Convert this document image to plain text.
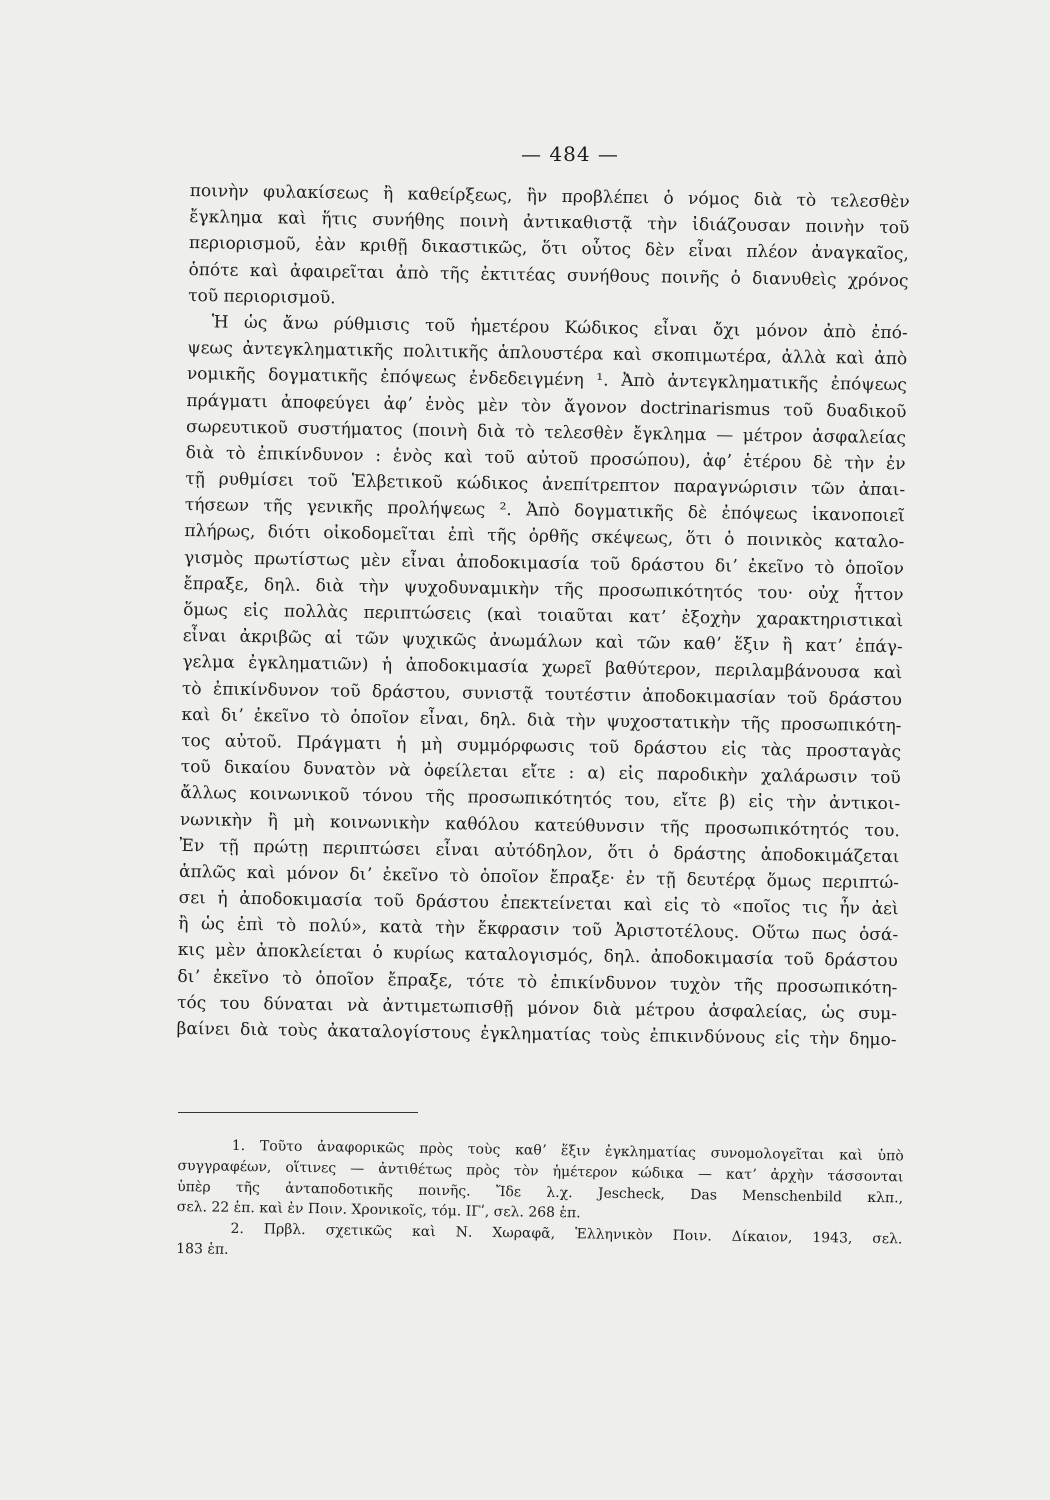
— 484 —
ποινὴν φυλακίσεως ἢ καθείρξεως, ἣν προβλέπει ὁ νόμος διὰ τὸ τελεσθὲν
ἔγκλημα καὶ ἥτις συνήθης ποινὴ ἀντικαθιστᾷ τὴν ἰδιάζουσαν ποινὴν τοῦ
περιορισμοῦ, ἐὰν κριθῇ δικαστικῶς, ὅτι οὗτος δὲν εἶναι πλέον ἀναγκαῖος,
ὁπότε καὶ ἀφαιρεῖται ἀπὸ τῆς ἐκτιτέας συνήθους ποινῆς ὁ διανυθεὶς χρόνος
τοῦ περιορισμοῦ.
Ἡ ὡς ἄνω ρύθμισις τοῦ ἡμετέρου Κώδικος εἶναι ὄχι μόνον ἀπὸ ἐπό-
ψεως ἀντεγκληματικῆς πολιτικῆς ἁπλουστέρα καὶ σκοπιμωτέρα, ἀλλὰ καὶ ἀπὸ
νομικῆς δογματικῆς ἐπόψεως ἐνδεδειγμένη ¹. Ἀπὸ ἀντεγκληματικῆς ἐπόψεως
πράγματι ἀποφεύγει ἀφʼ ἑνὸς μὲν τὸν ἄγονον doctrinarismus τοῦ δυαδικοῦ
σωρευτικοῦ συστήματος (ποινὴ διὰ τὸ τελεσθὲν ἔγκλημα — μέτρον ἀσφαλείας
διὰ τὸ ἐπικίνδυνον : ἑνὸς καὶ τοῦ αὐτοῦ προσώπου), ἀφʼ ἑτέρου δὲ τὴν ἐν
τῇ ρυθμίσει τοῦ Ἑλβετικοῦ κώδικος ἀνεπίτρεπτον παραγνώρισιν τῶν ἀπαι-
τήσεων τῆς γενικῆς προλήψεως ². Ἀπὸ δογματικῆς δὲ ἐπόψεως ἱκανοποιεῖ
πλήρως, διότι οἰκοδομεῖται ἐπὶ τῆς ὀρθῆς σκέψεως, ὅτι ὁ ποινικὸς καταλο-
γισμὸς πρωτίστως μὲν εἶναι ἀποδοκιμασία τοῦ δράστου διʼ ἐκεῖνο τὸ ὁποῖον
ἔπραξε, δηλ. διὰ τὴν ψυχοδυναμικὴν τῆς προσωπικότητός του· οὐχ ἧττον
ὅμως εἰς πολλὰς περιπτώσεις (καὶ τοιαῦται κατʼ ἐξοχὴν χαρακτηριστικαὶ
εἶναι ἀκριβῶς αἱ τῶν ψυχικῶς ἀνωμάλων καὶ τῶν καθʼ ἕξιν ἢ κατʼ ἐπάγ-
γελμα ἐγκληματιῶν) ἡ ἀποδοκιμασία χωρεῖ βαθύτερον, περιλαμβάνουσα καὶ
τὸ ἐπικίνδυνον τοῦ δράστου, συνιστᾷ τουτέστιν ἀποδοκιμασίαν τοῦ δράστου
καὶ διʼ ἐκεῖνο τὸ ὁποῖον εἶναι, δηλ. διὰ τὴν ψυχοστατικὴν τῆς προσωπικότη-
τος αὐτοῦ. Πράγματι ἡ μὴ συμμόρφωσις τοῦ δράστου εἰς τὰς προσταγὰς
τοῦ δικαίου δυνατὸν νὰ ὀφείλεται εἴτε : α) εἰς παροδικὴν χαλάρωσιν τοῦ
ἄλλως κοινωνικοῦ τόνου τῆς προσωπικότητός του, εἴτε β) εἰς τὴν ἀντικοι-
νωνικὴν ἢ μὴ κοινωνικὴν καθόλου κατεύθυνσιν τῆς προσωπικότητός του.
Ἐν τῇ πρώτῃ περιπτώσει εἶναι αὐτόδηλον, ὅτι ὁ δράστης ἀποδοκιμάζεται
ἁπλῶς καὶ μόνον διʼ ἐκεῖνο τὸ ὁποῖον ἔπραξε· ἐν τῇ δευτέρᾳ ὅμως περιπτώ-
σει ἡ ἀποδοκιμασία τοῦ δράστου ἐπεκτείνεται καὶ εἰς τὸ «ποῖος τις ἦν ἀεὶ
ἢ ὡς ἐπὶ τὸ πολύ», κατὰ τὴν ἔκφρασιν τοῦ Ἀριστοτέλους. Οὕτω πως ὁσά-
κις μὲν ἀποκλείεται ὁ κυρίως καταλογισμός, δηλ. ἀποδοκιμασία τοῦ δράστου
διʼ ἐκεῖνο τὸ ὁποῖον ἔπραξε, τότε τὸ ἐπικίνδυνον τυχὸν τῆς προσωπικότη-
τός του δύναται νὰ ἀντιμετωπισθῇ μόνον διὰ μέτρου ἀσφαλείας, ὡς συμ-
βαίνει διὰ τοὺς ἀκαταλογίστους ἐγκληματίας τοὺς ἐπικινδύνους εἰς τὴν δημο-
1. Τοῦτο ἀναφορικῶς πρὸς τοὺς καθʼ ἕξιν ἐγκληματίας συνομολογεῖται καὶ ὑπὸ
συγγραφέων, οἵτινες — ἀντιθέτως πρὸς τὸν ἡμέτερον κώδικα — κατʼ ἀρχὴν τάσσονται
ὑπὲρ τῆς ἀνταποδοτικῆς ποινῆς. Ἴδε λ.χ. Jescheck, Das Menschenbild κλπ.,
σελ. 22 ἑπ. καὶ ἐν Ποιν. Χρονικοῖς, τόμ. ΙΓʹ, σελ. 268 ἑπ.
2. Πρβλ. σχετικῶς καὶ Ν. Χωραφᾶ, Ἑλληνικὸν Ποιν. Δίκαιον, 1943, σελ.
183 ἑπ.
